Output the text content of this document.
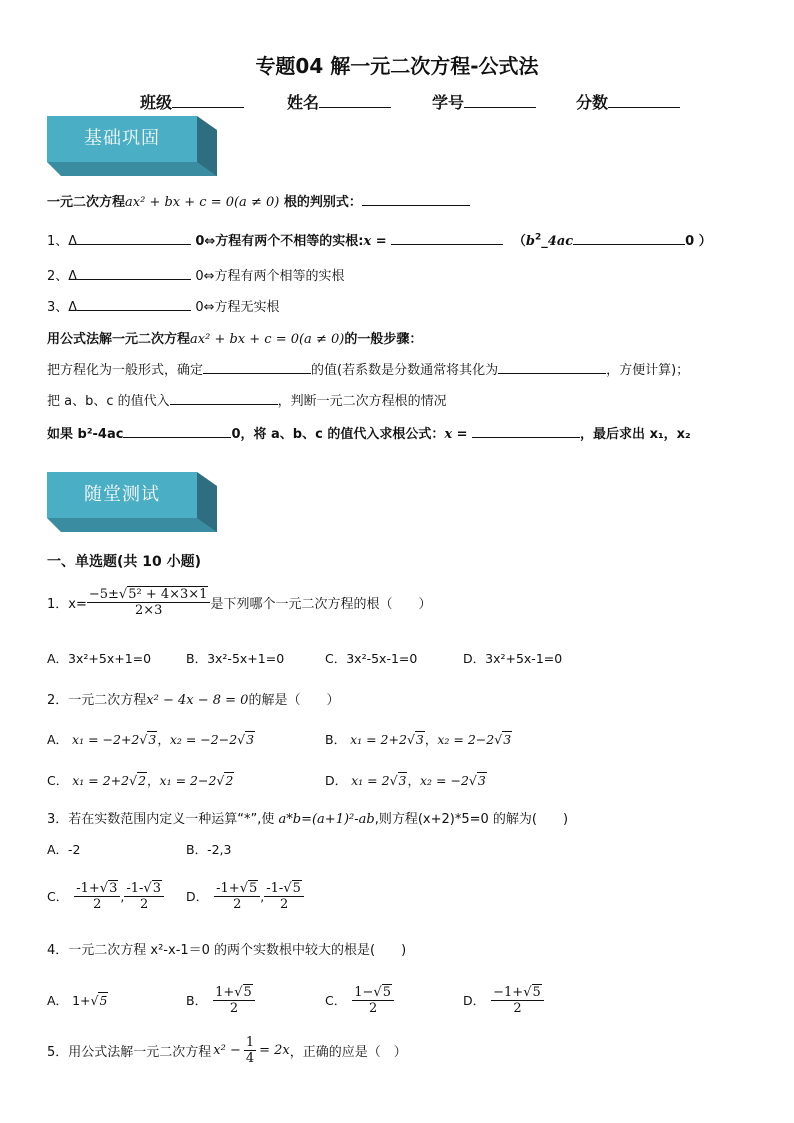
专题04 解一元二次方程-公式法
班级	姓名	学号	分数
基础巩固
一元二次方程ax² + bx + c = 0(a ≠ 0) 根的判别式：
1、Δ	0⇔方程有两个不相等的实根:x =	（$b^2\_4ac$	0 ）
2、Δ	0⇔方程有两个相等的实根
3、Δ	0⇔方程无实根
用公式法解一元二次方程ax² + bx + c = 0(a ≠ 0)的一般步骤：
把方程化为一般形式，确定	的值(若系数是分数通常将其化为	，方便计算)；
把 a、b、c 的值代入	，判断一元二次方程根的情况
如果 b²-4ac	0，将 a、b、c 的值代入求根公式：x =	，最后求出 x₁，x₂
随堂测试
一、单选题(共 10 小题)
1．$x= \frac{\text{−5±√5² + 4×3×1}}{2\times 3}$ 是下列哪个一元二次方程的根（　　）
A．3x²+5x+1=0	B．3x²-5x+1=0	C．3x²-5x-1=0	D．3x²+5x-1=0
2．一元二次方程x² − 4x − 8 = 0的解是（　　）
A． x₁ = −2+2√3，x₂ = −2−2√3	B． x₁ = 2+2√3，x₂ = 2−2√3
C． x₁ = 2+2√2，x₁ = 2−2√2	D． x₁ = 2√3，x₂ = −2√3
3．若在实数范围内定义一种运算“*”,使 a*b=(a+1)²-ab,则方程(x+2)*5=0 的解为(　　)
A．-2	B．-2,3
C． $\frac{-1+√3}{2}$ , $\frac{-1-√3}{2}$ D． $\frac{-1+√5}{2}$ , $\frac{-1-√5}{2}$
4．一元二次方程 x²-x-1＝0 的两个实数根中较大的根是(　　)
A． 1+ √ 5	B． $\frac{1+√5}{2}$	C． $\frac{1-√5}{2}$	D． $\frac{-1+√5}{2}$
5．用公式法解一元二次方程 $x^2 - \frac{1}{4} = 2x$ ，正确的应是（　）
